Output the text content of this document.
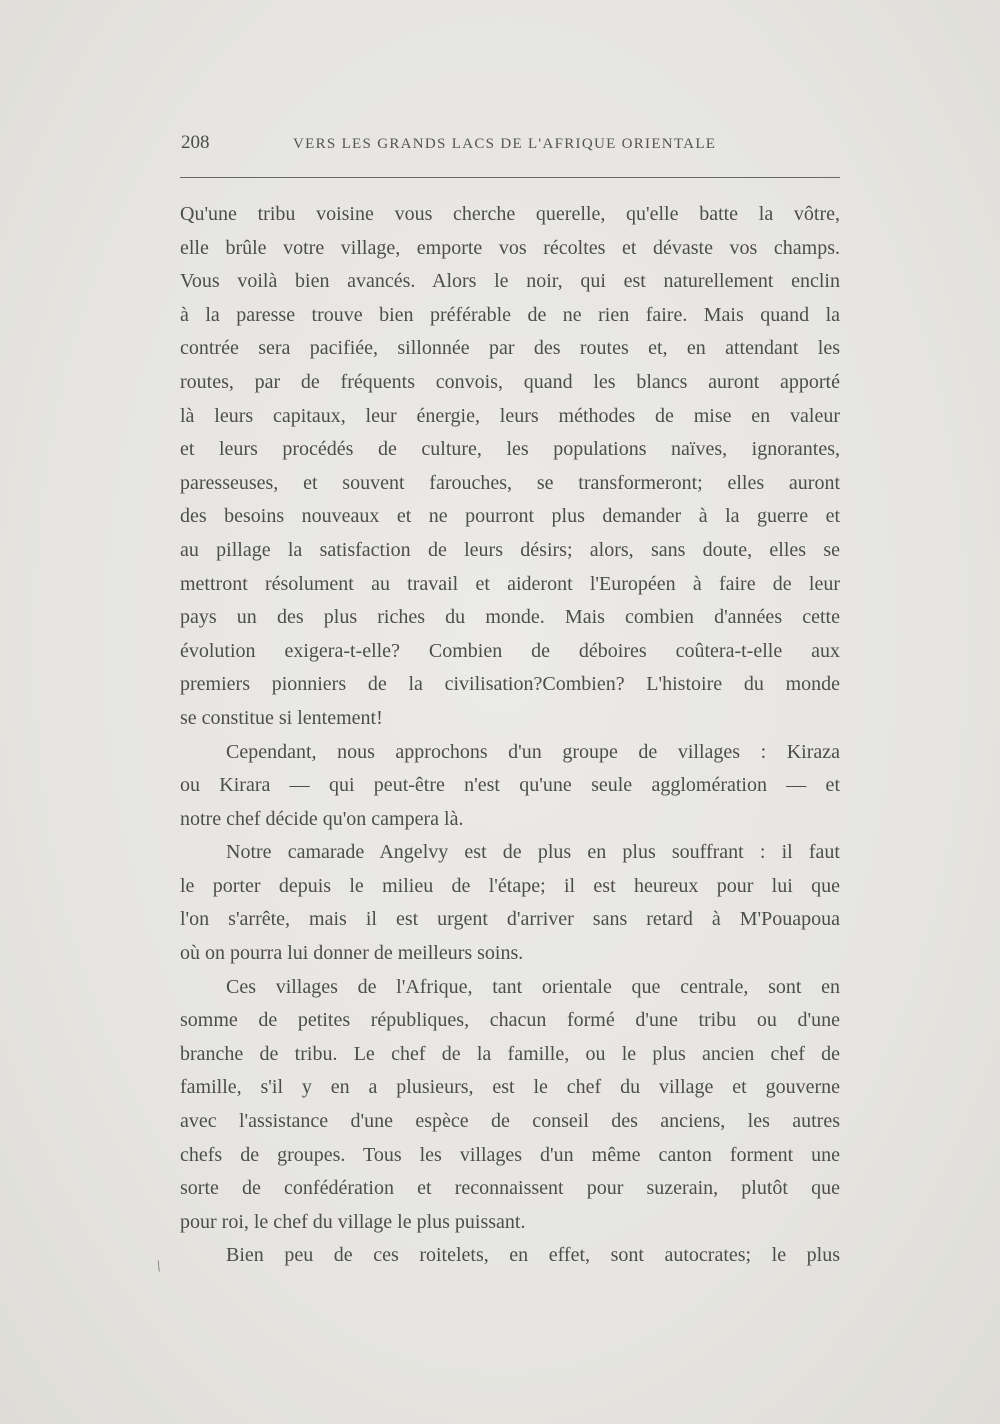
208	VERS LES GRANDS LACS DE L'AFRIQUE ORIENTALE
Qu'une tribu voisine vous cherche querelle, qu'elle batte la vôtre,
elle brûle votre village, emporte vos récoltes et dévaste vos champs.
Vous voilà bien avancés. Alors le noir, qui est naturellement enclin
à la paresse trouve bien préférable de ne rien faire. Mais quand la
contrée sera pacifiée, sillonnée par des routes et, en attendant les
routes, par de fréquents convois, quand les blancs auront apporté
là leurs capitaux, leur énergie, leurs méthodes de mise en valeur
et leurs procédés de culture, les populations naïves, ignorantes,
paresseuses, et souvent farouches, se transformeront; elles auront
des besoins nouveaux et ne pourront plus demander à la guerre et
au pillage la satisfaction de leurs désirs; alors, sans doute, elles se
mettront résolument au travail et aideront l'Européen à faire de leur
pays un des plus riches du monde. Mais combien d'années cette
évolution exigera-t-elle? Combien de déboires coûtera-t-elle aux
premiers pionniers de la civilisation?Combien? L'histoire du monde
se constitue si lentement!
Cependant, nous approchons d'un groupe de villages : Kiraza
ou Kirara — qui peut-être n'est qu'une seule agglomération — et
notre chef décide qu'on campera là.
Notre camarade Angelvy est de plus en plus souffrant : il faut
le porter depuis le milieu de l'étape; il est heureux pour lui que
l'on s'arrête, mais il est urgent d'arriver sans retard à M'Pouapoua
où on pourra lui donner de meilleurs soins.
Ces villages de l'Afrique, tant orientale que centrale, sont en
somme de petites républiques, chacun formé d'une tribu ou d'une
branche de tribu. Le chef de la famille, ou le plus ancien chef de
famille, s'il y en a plusieurs, est le chef du village et gouverne
avec l'assistance d'une espèce de conseil des anciens, les autres
chefs de groupes. Tous les villages d'un même canton forment une
sorte de confédération et reconnaissent pour suzerain, plutôt que
pour roi, le chef du village le plus puissant.
Bien peu de ces roitelets, en effet, sont autocrates; le plus
/
